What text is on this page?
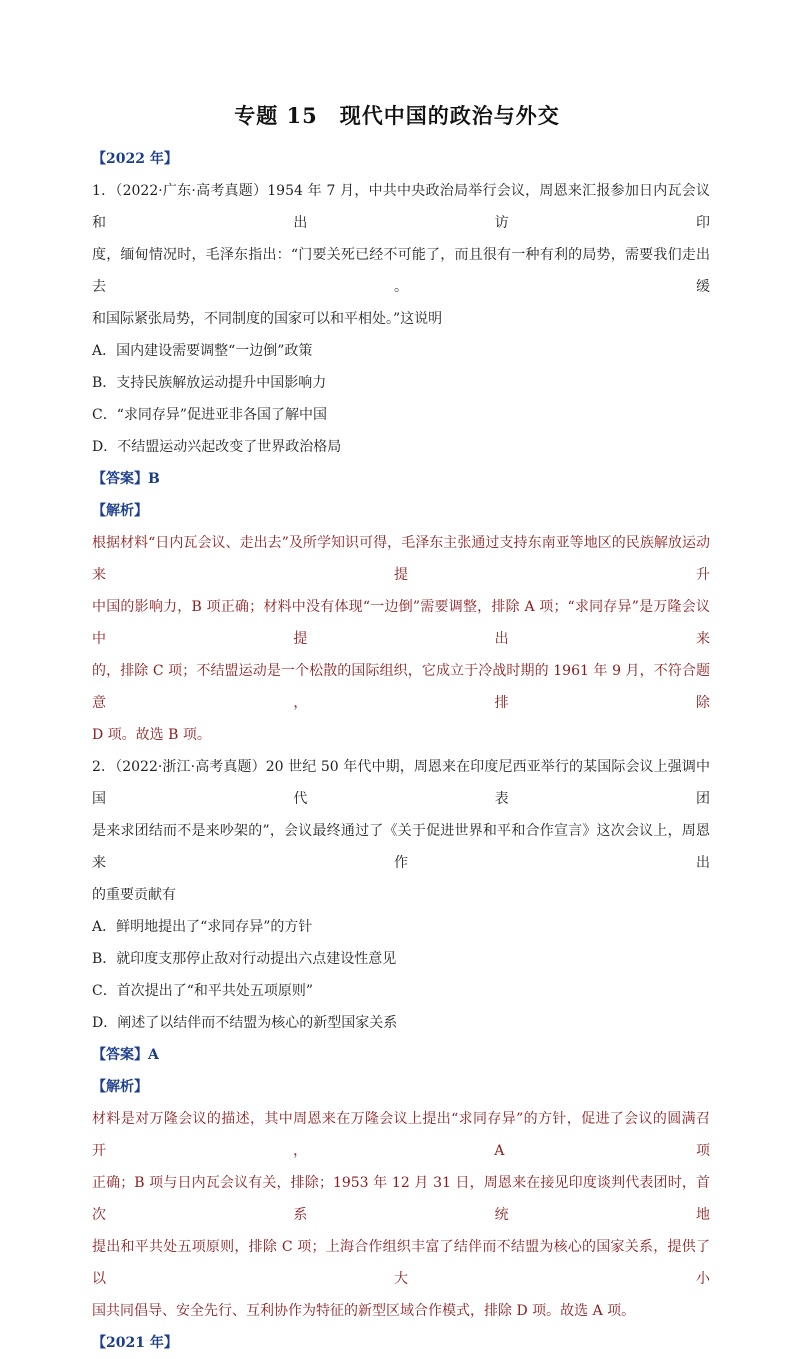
专题 15　现代中国的政治与外交

【2022 年】

1．（2022·广东·高考真题）1954 年 7 月，中共中央政治局举行会议，周恩来汇报参加日内瓦会议和出访印

度，缅甸情况时，毛泽东指出：“门要关死已经不可能了，而且很有一种有利的局势，需要我们走出去。缓

和国际紧张局势，不同制度的国家可以和平相处。”这说明

A．国内建设需要调整“一边倒”政策

B．支持民族解放运动提升中国影响力

C．“求同存异”促进亚非各国了解中国

D．不结盟运动兴起改变了世界政治格局

【答案】B

【解析】

根据材料“日内瓦会议、走出去”及所学知识可得，毛泽东主张通过支持东南亚等地区的民族解放运动来提升

中国的影响力，B 项正确；材料中没有体现“一边倒”需要调整，排除 A 项；“求同存异”是万隆会议中提出来

的，排除 C 项；不结盟运动是一个松散的国际组织，它成立于冷战时期的 1961 年 9 月，不符合题意，排除

D 项。故选 B 项。

2．（2022·浙江·高考真题）20 世纪 50 年代中期，周恩来在印度尼西亚举行的某国际会议上强调中国代表团

是来求团结而不是来吵架的”，会议最终通过了《关于促进世界和平和合作宣言》这次会议上，周恩来作出

的重要贡献有

A．鲜明地提出了“求同存异”的方针

B．就印度支那停止敌对行动提出六点建设性意见

C．首次提出了“和平共处五项原则”

D．阐述了以结伴而不结盟为核心的新型国家关系

【答案】A

【解析】

材料是对万隆会议的描述，其中周恩来在万隆会议上提出“求同存异”的方针，促进了会议的圆满召开，A 项

正确；B 项与日内瓦会议有关，排除；1953 年 12 月 31 日，周恩来在接见印度谈判代表团时，首次系统地

提出和平共处五项原则，排除 C 项；上海合作组织丰富了结伴而不结盟为核心的国家关系，提供了以大小

国共同倡导、安全先行、互利协作为特征的新型区域合作模式，排除 D 项。故选 A 项。

【2021 年】
